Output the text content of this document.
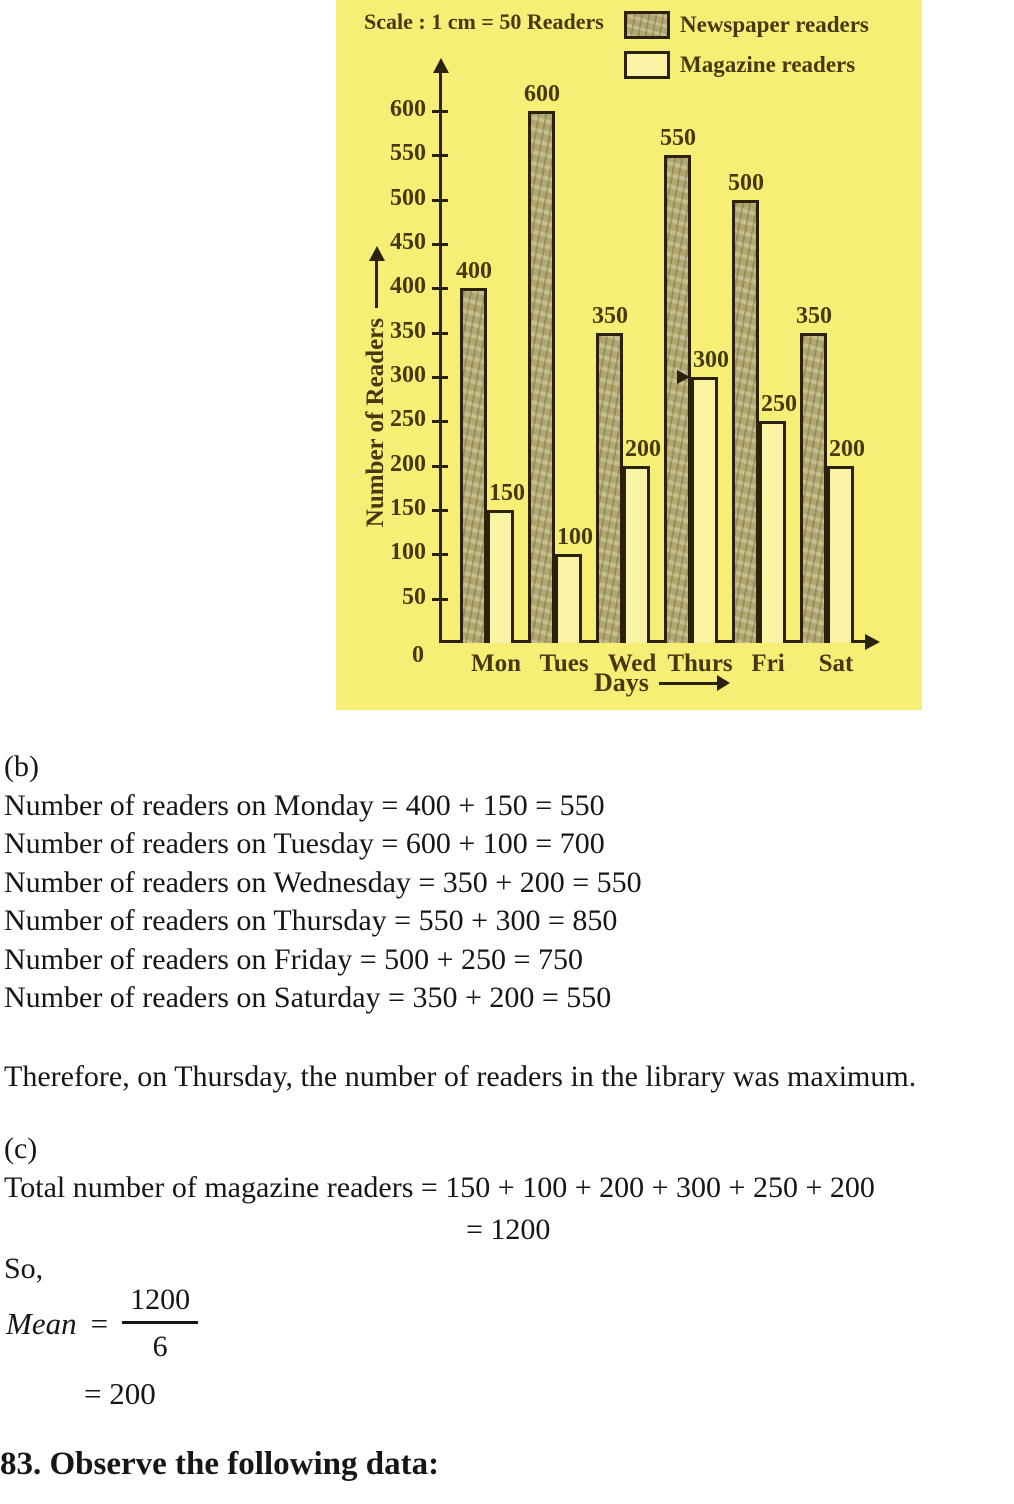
Scale : 1 cm = 50 Readers	Newspaper readers
Magazine readers
0
Number of Readers
Days
50
100
150
200
250
300
350
400
450
500
550
600
400
150
Mon
600
100
Tues
350
200
Wed
550
300
Thurs
500
250
Fri
350
200
Sat
(b)
Number of readers on Monday = 400 + 150 = 550
Number of readers on Tuesday = 600 + 100 = 700
Number of readers on Wednesday = 350 + 200 = 550
Number of readers on Thursday = 550 + 300 = 850
Number of readers on Friday = 500 + 250 = 750
Number of readers on Saturday = 350 + 200 = 550
Therefore, on Thursday, the number of readers in the library was maximum.
(c)
Total number of magazine readers = 150 + 100 + 200 + 300 + 250 + 200
= 1200
So,
Mean = $\frac{1200}{6}$
= 200
83. Observe the following data:
